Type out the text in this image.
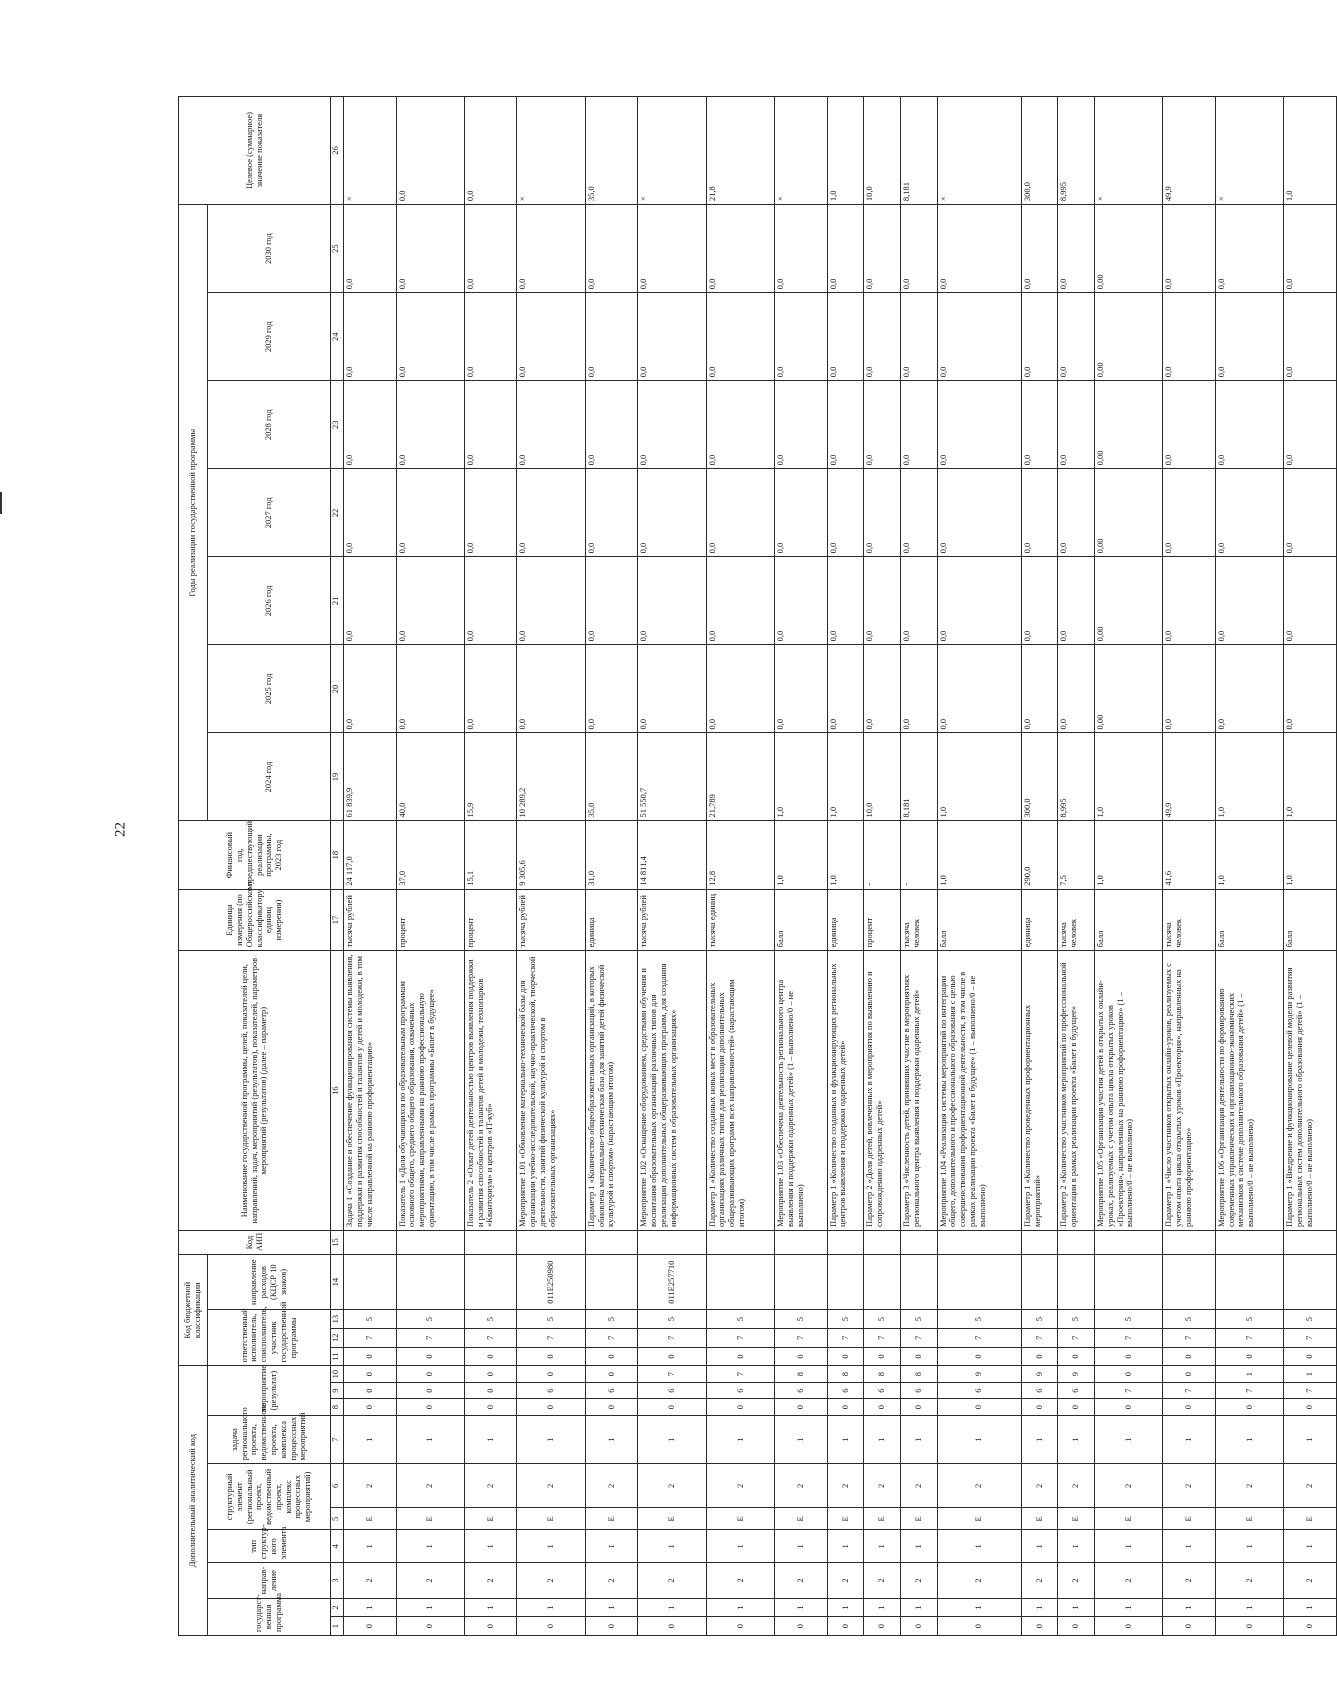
22
Дополнительный аналитический код										Код бюджетной классификации				Код АИП	Наименование государственной программы, целей, показателей цели, направлений, задач, мероприятий (результатов), показателей, параметров мероприятий (результатов) (далее – параметр)	Единица измерения (по Общероссийскому классификатору единиц измерения)	Финансовый год, предшествующий реализации программы, 2023 год	Годы реализации государственной программы							Целевое (суммарное) значение показателя
государст-венная программа		направ-ление	тип структур-ного элемента	структурный элемент (региональный проект, ведомственный проект, комплекс процессных мероприятий)		задача регионального проекта, ведомственного проекта, комплекса процессных мероприятий	мероприятие (результат)			ответственный исполнитель, соисполнитель, участник государственной программы			направление расходов (КЦСР 10 знаков)					2024 год	2025 год	2026 год	2027 год	2028 год	2029 год	2030 год	

1	2	3	4	5	6	7	8	9	10	11	12	13	14	15	16	17	18	19	20	21	22	23	24	25	26
0	1	2	1	Е	2	1	0	0	0	0	7	5			Задача 1 «Создание и обеспечение функционирования системы выявления, поддержки и развития способностей и талантов у детей и молодежи, в том числе направленной на раннюю профориентацию»	тысяча рублей	24 117,0	61 839,9	0,0	0,0	0,0	0,0	0,0	0,0	×
0	1	2	1	Е	2	1	0	0	0	0	7	5			Показатель 1 «Доля обучающихся по образовательным программам основного общего, среднего общего образования, охваченных мероприятиями, направленными на раннюю профессиональную ориентацию, в том числе в рамках программы «Билет в будущее»	процент	37,0	40,0	0,0	0,0	0,0	0,0	0,0	0,0	0,0
0	1	2	1	Е	2	1	0	0	0	0	7	5			Показатель 2 «Охват детей деятельностью центров выявления поддержки и развития способностей и талантов детей и молодежи, технопарков «Кванториум» и центров «IT-куб»	процент	15,1	15,9	0,0	0,0	0,0	0,0	0,0	0,0	0,0
0	1	2	1	Е	2	1	0	6	0	0	7	5	011Е250980		Мероприятие 1.01 «Обновление материально-технической базы для организации учебно-исследовательской, научно-практической, творческой деятельности, занятий физической культурой и спортом в образовательных организациях»	тысяча рублей	9 305,6	10 289,2	0,0	0,0	0,0	0,0	0,0	0,0	×
0	1	2	1	Е	2	1	0	6	0	0	7	5			Параметр 1 «Количество общеобразовательных организаций, в которых обновлена материально-техническая база для занятий детей физической культурой и спортом» (нарастающим итогом)	единица	31,0	35,0	0,0	0,0	0,0	0,0	0,0	0,0	35,0
0	1	2	1	Е	2	1	0	6	7	0	7	5	011Е257710		Мероприятие 1.02 «Оснащение оборудованием, средствами обучения и воспитания образовательных организаций различных типов для реализации дополнительных общеразвивающих программ, для создания информационных систем в образовательных организациях»	тысяча рублей	14 811,4	51 550,7	0,0	0,0	0,0	0,0	0,0	0,0	×
0	1	2	1	Е	2	1	0	6	7	0	7	5			Параметр 1 «Количество созданных новых мест в образовательных организациях различных типов для реализации дополнительных общеразвивающих программ всех направленностей» (нарастающим итогом)	тысяча единиц	12,8	21,789	0,0	0,0	0,0	0,0	0,0	0,0	21,8
0	1	2	1	Е	2	1	0	6	8	0	7	5			Мероприятие 1.03 «Обеспечена деятельность регионального центра выявления и поддержки одаренных детей» (1 – выполнено/0 – не выполнено)	балл	1,0	1,0	0,0	0,0	0,0	0,0	0,0	0,0	×
0	1	2	1	Е	2	1	0	6	8	0	7	5			Параметр 1 «Количество созданных и функционирующих региональных центров выявления и поддержки одаренных детей»	единица	1,0	1,0	0,0	0,0	0,0	0,0	0,0	0,0	1,0
0	1	2	1	Е	2	1	0	6	8	0	7	5			Параметр 2 «Доля детей, вовлеченных в мероприятия по выявлению и сопровождению одаренных детей»	процент	-	10,0	0,0	0,0	0,0	0,0	0,0	0,0	10,0
0	1	2	1	Е	2	1	0	6	8	0	7	5			Параметр 3 «Численность детей, принявших участие в мероприятиях регионального центра выявления и поддержки одаренных детей»	тысяча человек	-	8,181	0,0	0,0	0,0	0,0	0,0	0,0	8,181
0	1	2	1	Е	2	1	0	6	9	0	7	5			Мероприятие 1.04 «Реализация системы мероприятий по интеграции общего, дополнительного и профессионального образования с целью совершенствования профориентационной деятельности, в том числе в рамках реализации проекта «Билет в будущее» (1 – выполнено/0 – не выполнено)	балл	1,0	1,0	0,0	0,0	0,0	0,0	0,0	0,0	×
0	1	2	1	Е	2	1	0	6	9	0	7	5			Параметр 1 «Количество проведенных профориентационных мероприятий»	единица	290,0	300,0	0,0	0,0	0,0	0,0	0,0	0,0	300,0
0	1	2	1	Е	2	1	0	6	9	0	7	5			Параметр 2 «Количество участников мероприятий по профессиональной ориентации в рамках реализации проекта «Билет в будущее»	тысяча человек	7,5	8,995	0,0	0,0	0,0	0,0	0,0	0,0	8,995
0	1	2	1	Е	2	1	0	7	0	0	7	5			Мероприятие 1.05 «Организация участия детей в открытых онлайн-уроках, реализуемых с учетом опыта цикла открытых уроков «Проектория», направленных на раннюю профориентацию» (1 – выполнено/0 – не выполнено)	балл	1,0	1,0	0,00	0,00	0,00	0,00	0,00	0,00	×
0	1	2	1	Е	2	1	0	7	0	0	7	5			Параметр 1 «Число участников открытых онлайн-уроков, реализуемых с учетом опыта цикла открытых уроков «Проектория», направленных на раннюю профориентацию»	тысяча человек	41,6	49,9	0,0	0,0	0,0	0,0	0,0	0,0	49,9
0	1	2	1	Е	2	1	0	7	1	0	7	5			Мероприятие 1.06 «Организация деятельности по формированию современных управленческих и организационно-экономических механизмов в системе дополнительного образования детей» (1 – выполнено/0 – не выполнено)	балл	1,0	1,0	0,0	0,0	0,0	0,0	0,0	0,0	×
0	1	2	1	Е	2	1	0	7	1	0	7	5			Параметр 1 «Внедрение и функционирование целевой модели развития региональных систем дополнительного образования детей» (1 – выполнено/0 – не выполнено)	балл	1,0	1,0	0,0	0,0	0,0	0,0	0,0	0,0	1,0
